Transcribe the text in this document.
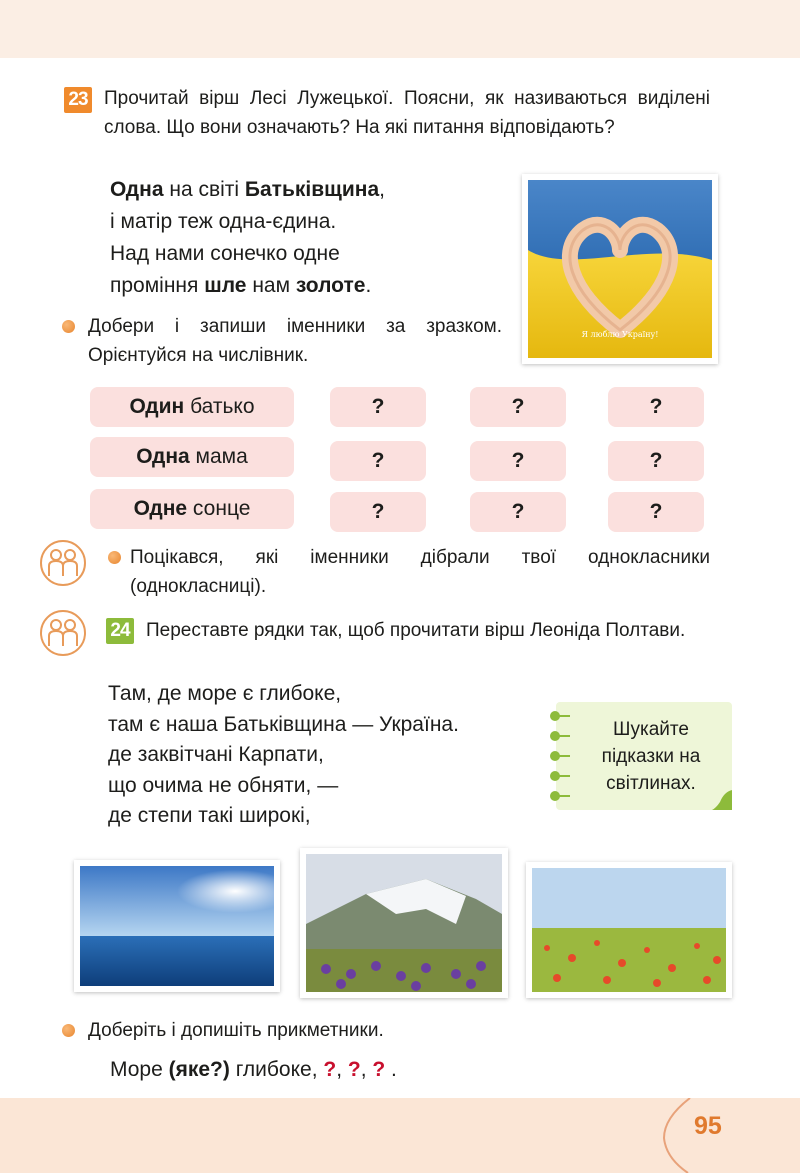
23 Прочитай вірш Лесі Лужецької. Поясни, як називаються виділені слова. Що вони означають? На які питання відповідають?

Одна на світі Батьківщина,
і матір теж одна-єдина.
Над нами сонечко одне
проміння шле нам золоте.
Я люблю Україну!

Добери і запиши іменники за зразком. Орієнтуйся на числівник.

Один батько	?	?	?
Одна мама	?	?	?
Одне сонце	?	?	?

Поцікався, які іменники дібрали твої однокласники (однокласниці).

24 Переставте рядки так, щоб прочитати вірш Леоніда Полтави.

Там, де море є глибоке,
там є наша Батьківщина — Україна.
де заквітчані Карпати,
що очима не обняти, —
де степи такі широкі,
Шукайте підказки на світлинах.

Доберіть і допишіть прикметники.

Море (яке?) глибоке, ?, ?, ? .
95
